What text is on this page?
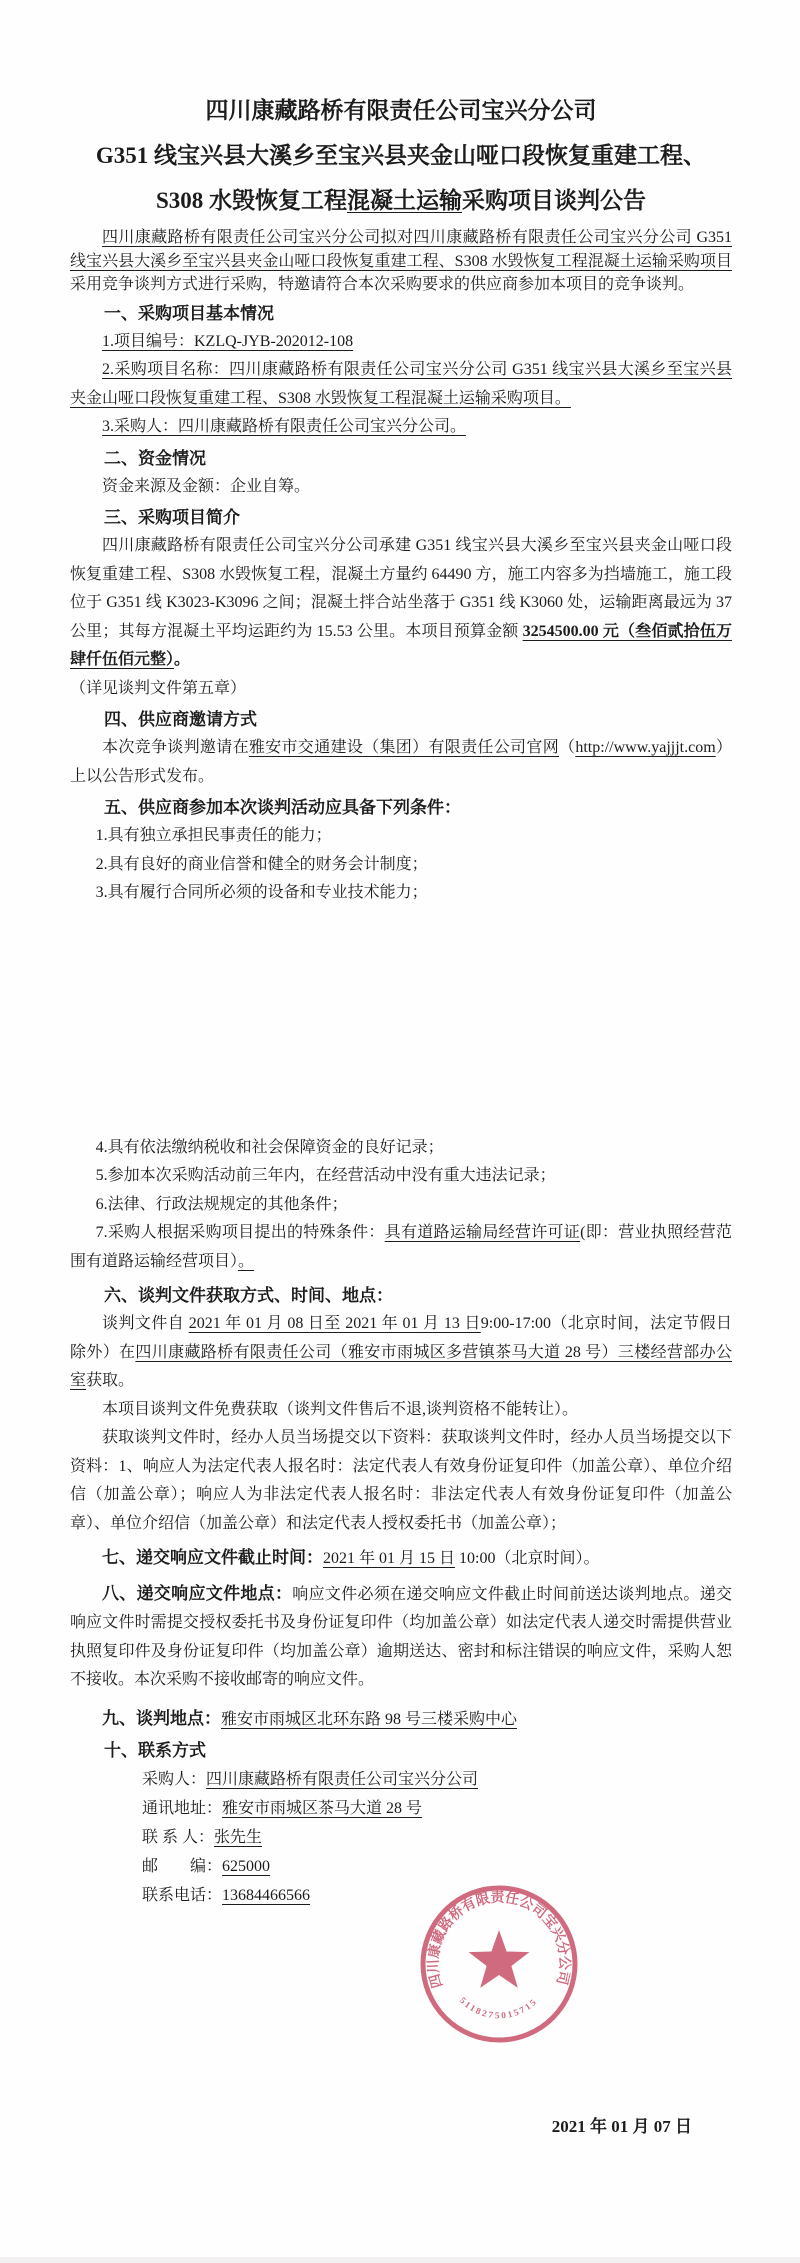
四川康藏路桥有限责任公司宝兴分公司
G351 线宝兴县大溪乡至宝兴县夹金山哑口段恢复重建工程、S308 水毁恢复工程混凝土运输采购项目谈判公告

四川康藏路桥有限责任公司宝兴分公司拟对四川康藏路桥有限责任公司宝兴分公司 G351 线宝兴县大溪乡至宝兴县夹金山哑口段恢复重建工程、S308 水毁恢复工程混凝土运输采购项目采用竞争谈判方式进行采购，特邀请符合本次采购要求的供应商参加本项目的竞争谈判。

一、采购项目基本情况

1.项目编号：KZLQ-JYB-202012-108

2.采购项目名称：四川康藏路桥有限责任公司宝兴分公司 G351 线宝兴县大溪乡至宝兴县夹金山哑口段恢复重建工程、S308 水毁恢复工程混凝土运输采购项目。

3.采购人：四川康藏路桥有限责任公司宝兴分公司。

二、资金情况

资金来源及金额：企业自筹。

三、采购项目简介

四川康藏路桥有限责任公司宝兴分公司承建 G351 线宝兴县大溪乡至宝兴县夹金山哑口段恢复重建工程、S308 水毁恢复工程，混凝土方量约 64490 方，施工内容多为挡墙施工，施工段位于 G351 线 K3023-K3096 之间；混凝土拌合站坐落于 G351 线 K3060 处，运输距离最远为 37 公里；其每方混凝土平均运距约为 15.53 公里。本项目预算金额 3254500.00 元（叁佰贰拾伍万肆仟伍佰元整）。

（详见谈判文件第五章）

四、供应商邀请方式

本次竞争谈判邀请在雅安市交通建设（集团）有限责任公司官网（http://www.yajjjt.com）上以公告形式发布。

五、供应商参加本次谈判活动应具备下列条件：

1.具有独立承担民事责任的能力；

2.具有良好的商业信誉和健全的财务会计制度；

3.具有履行合同所必须的设备和专业技术能力；

4.具有依法缴纳税收和社会保障资金的良好记录；

5.参加本次采购活动前三年内，在经营活动中没有重大违法记录；

6.法律、行政法规规定的其他条件；

7.采购人根据采购项目提出的特殊条件：具有道路运输局经营许可证(即：营业执照经营范围有道路运输经营项目）。

六、谈判文件获取方式、时间、地点：

谈判文件自 2021 年 01 月 08 日至 2021 年 01 月 13 日9:00-17:00（北京时间，法定节假日除外）在四川康藏路桥有限责任公司（雅安市雨城区多营镇茶马大道 28 号）三楼经营部办公室获取。

本项目谈判文件免费获取（谈判文件售后不退,谈判资格不能转让）。

获取谈判文件时，经办人员当场提交以下资料：获取谈判文件时，经办人员当场提交以下资料：1、响应人为法定代表人报名时：法定代表人有效身份证复印件（加盖公章）、单位介绍信（加盖公章）；响应人为非法定代表人报名时：非法定代表人有效身份证复印件（加盖公章）、单位介绍信（加盖公章）和法定代表人授权委托书（加盖公章）；

七、递交响应文件截止时间：2021 年 01 月 15 日 10:00（北京时间）。

八、递交响应文件地点：响应文件必须在递交响应文件截止时间前送达谈判地点。递交响应文件时需提交授权委托书及身份证复印件（均加盖公章）如法定代表人递交时需提供营业执照复印件及身份证复印件（均加盖公章）逾期送达、密封和标注错误的响应文件，采购人恕不接收。本次采购不接收邮寄的响应文件。

九、谈判地点：雅安市雨城区北环东路 98 号三楼采购中心

十、联系方式

采购人：四川康藏路桥有限责任公司宝兴分公司

通讯地址：雅安市雨城区茶马大道 28 号

联 系 人：张先生

邮　　编：625000

联系电话：13684466566

2021 年 01 月 07 日
四川康藏路桥有限责任公司宝兴分公司
5118275015715
